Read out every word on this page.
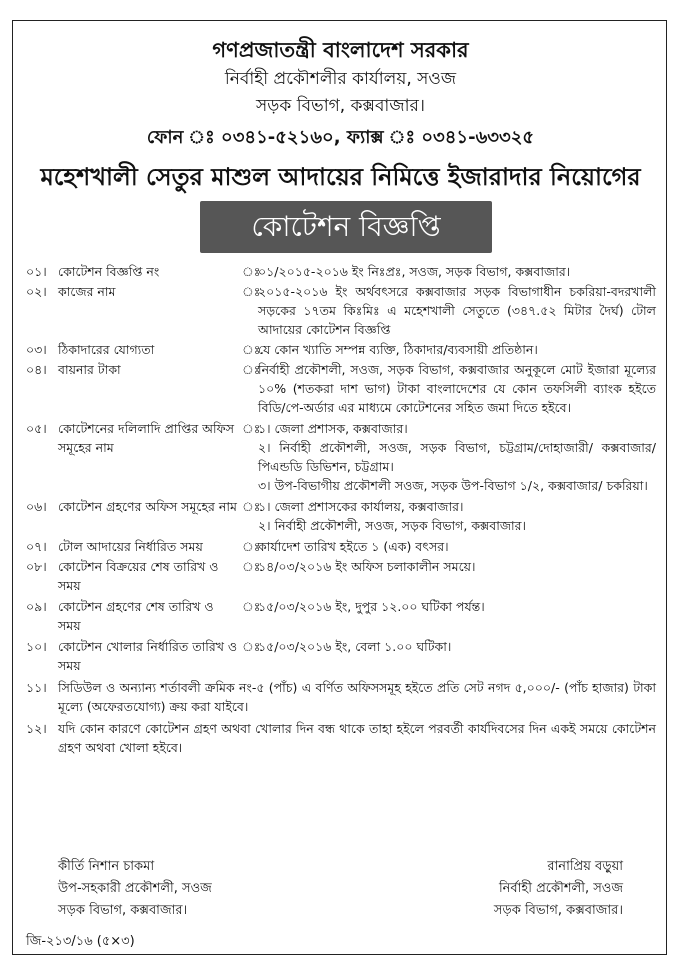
গণপ্রজাতন্ত্রী বাংলাদেশ সরকার
নির্বাহী প্রকৌশলীর কার্যালয়, সওজ
সড়ক বিভাগ, কক্সবাজার।
ফোন ঃ ০৩৪১-৫২১৬০, ফ্যাক্স ঃ ০৩৪১-৬৩৩২৫
মহেশখালী সেতুর মাশুল আদায়ের নিমিত্তে ইজারাদার নিয়োগের
কোটেশন বিজ্ঞপ্তি
০১। কোটেশন বিজ্ঞপ্তি নং	ঃ
০১/২০১৫-২০১৬ ইং নিঃপ্রঃ, সওজ, সড়ক বিভাগ, কক্সবাজার।
০২। কাজের নাম	ঃ
২০১৫-২০১৬ ইং অর্থবৎসরে কক্সবাজার সড়ক বিভাগাধীন চকরিয়া-বদরখালী সড়কের ১৭তম কিঃমিঃ এ মহেশখালী সেতুতে (৩৪৭.৫২ মিটার দৈর্ঘ) টোল আদায়ের কোটেশন বিজ্ঞপ্তি
০৩। ঠিকাদারের যোগ্যতা	ঃ
যে কোন খ্যাতি সম্পন্ন ব্যক্তি, ঠিকাদার/ব্যবসায়ী প্রতিষ্ঠান।
০৪। বায়নার টাকা	ঃ
নির্বাহী প্রকৌশলী, সওজ, সড়ক বিভাগ, কক্সবাজার অনুকূলে মোট ইজারা মূল্যের ১০% (শতকরা দাশ ভাগ) টাকা বাংলাদেশের যে কোন তফসিলী ব্যাংক হইতে বিডি/পে-অর্ডার এর মাধ্যমে কোটেশনের সহিত জমা দিতে হইবে।
০৫। কোটেশনের দলিলাদি প্রাপ্তির অফিস সমূহের নাম
ঃ
১। জেলা প্রশাসক, কক্সবাজার।
২। নির্বাহী প্রকৌশলী, সওজ, সড়ক বিভাগ, চট্টগ্রাম/দোহাজারী/ কক্সবাজার/ পিএন্ডডি ডিভিশন, চট্টগ্রাম।
৩। উপ-বিভাগীয় প্রকৌশলী সওজ, সড়ক উপ-বিভাগ ১/২, কক্সবাজার/ চকরিয়া।
০৬। কোটেশন গ্রহণের অফিস সমূহের নাম ঃ
১। জেলা প্রশাসকের কার্যালয়, কক্সবাজার।
২। নির্বাহী প্রকৌশলী, সওজ, সড়ক বিভাগ, কক্সবাজার।
০৭। টোল আদায়ের নির্ধারিত সময়	ঃ
কার্যাদেশ তারিখ হইতে ১ (এক) বৎসর।
০৮। কোটেশন বিক্রয়ের শেষ তারিখ ও সময়
ঃ
১৪/০৩/২০১৬ ইং অফিস চলাকালীন সময়ে।
০৯। কোটেশন গ্রহণের শেষ তারিখ ও সময়
ঃ
১৫/০৩/২০১৬ ইং, দুপুর ১২.০০ ঘটিকা পর্যন্ত।
১০। কোটেশন খোলার নির্ধারিত তারিখ ও সময়
ঃ
১৫/০৩/২০১৬ ইং, বেলা ১.০০ ঘটিকা।
১১। সিডিউল ও অন্যান্য শর্তাবলী ক্রমিক নং-৫ (পাঁচ) এ বর্ণিত অফিসসমূহ হইতে প্রতি সেট নগদ ৫,০০০/- (পাঁচ হাজার) টাকা মূল্যে (অফেরতযোগ্য) ক্রয় করা যাইবে।
১২। যদি কোন কারণে কোটেশন গ্রহণ অথবা খোলার দিন বন্ধ থাকে তাহা হইলে পরবর্তী কার্যদিবসের দিন একই সময়ে কোটেশন গ্রহণ অথবা খোলা হইবে।
কীর্তি নিশান চাকমা
উপ-সহকারী প্রকৌশলী, সওজ
সড়ক বিভাগ, কক্সবাজার।
রানাপ্রিয় বড়ুয়া
নির্বাহী প্রকৌশলী, সওজ
সড়ক বিভাগ, কক্সবাজার।
জি-২১৩/১৬ (৫×৩)
